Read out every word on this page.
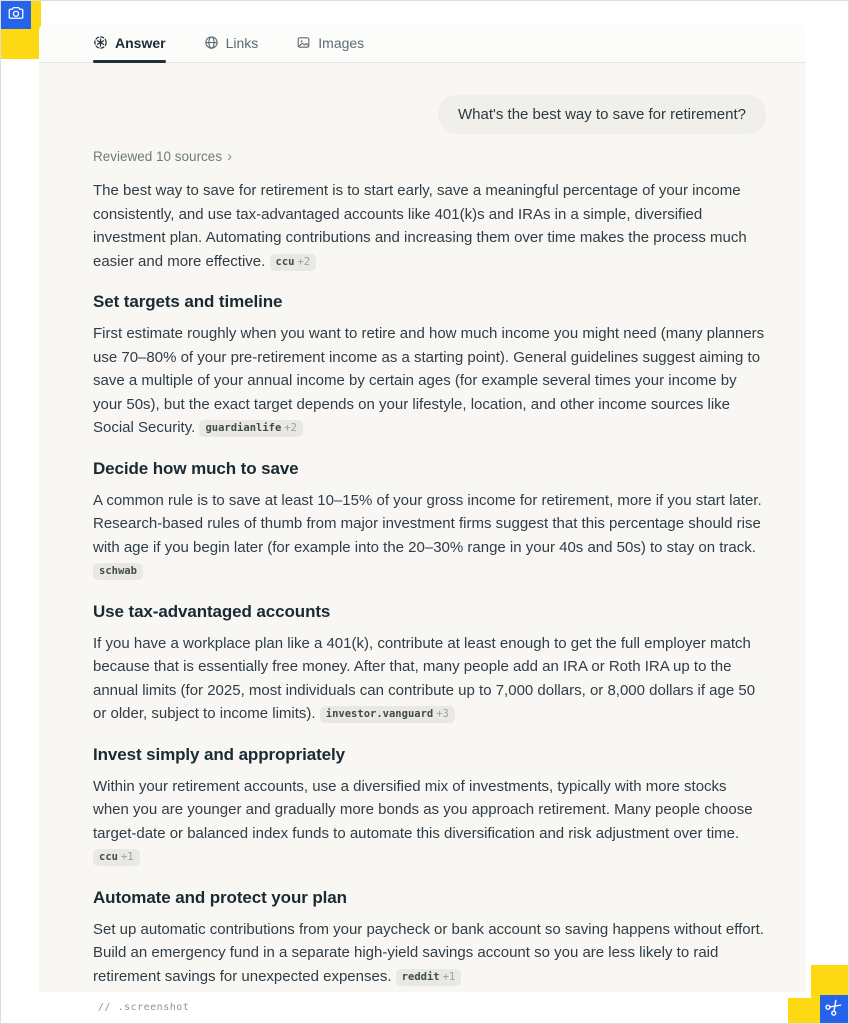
Answer	Links	Images
What's the best way to save for retirement?
Reviewed 10 sources ›

The best way to save for retirement is to start early, save a meaningful percentage of your income consistently, and use tax-advantaged accounts like 401(k)s and IRAs in a simple, diversified investment plan. Automating contributions and increasing them over time makes the process much easier and more effective. ccu +2

Set targets and timeline

First estimate roughly when you want to retire and how much income you might need (many planners use 70–80% of your pre-retirement income as a starting point). General guidelines suggest aiming to save a multiple of your annual income by certain ages (for example several times your income by your 50s), but the exact target depends on your lifestyle, location, and other income sources like Social Security. guardianlife +2

Decide how much to save

A common rule is to save at least 10–15% of your gross income for retirement, more if you start later. Research-based rules of thumb from major investment firms suggest that this percentage should rise with age if you begin later (for example into the 20–30% range in your 40s and 50s) to stay on track. schwab

Use tax-advantaged accounts

If you have a workplace plan like a 401(k), contribute at least enough to get the full employer match because that is essentially free money. After that, many people add an IRA or Roth IRA up to the annual limits (for 2025, most individuals can contribute up to 7,000 dollars, or 8,000 dollars if age 50 or older, subject to income limits). investor.vanguard +3

Invest simply and appropriately

Within your retirement accounts, use a diversified mix of investments, typically with more stocks when you are younger and gradually more bonds as you approach retirement. Many people choose target-date or balanced index funds to automate this diversification and risk adjustment over time. ccu +1

Automate and protect your plan

Set up automatic contributions from your paycheck or bank account so saving happens without effort. Build an emergency fund in a separate high-yield savings account so you are less likely to raid retirement savings for unexpected expenses. reddit +1

// .screenshot
